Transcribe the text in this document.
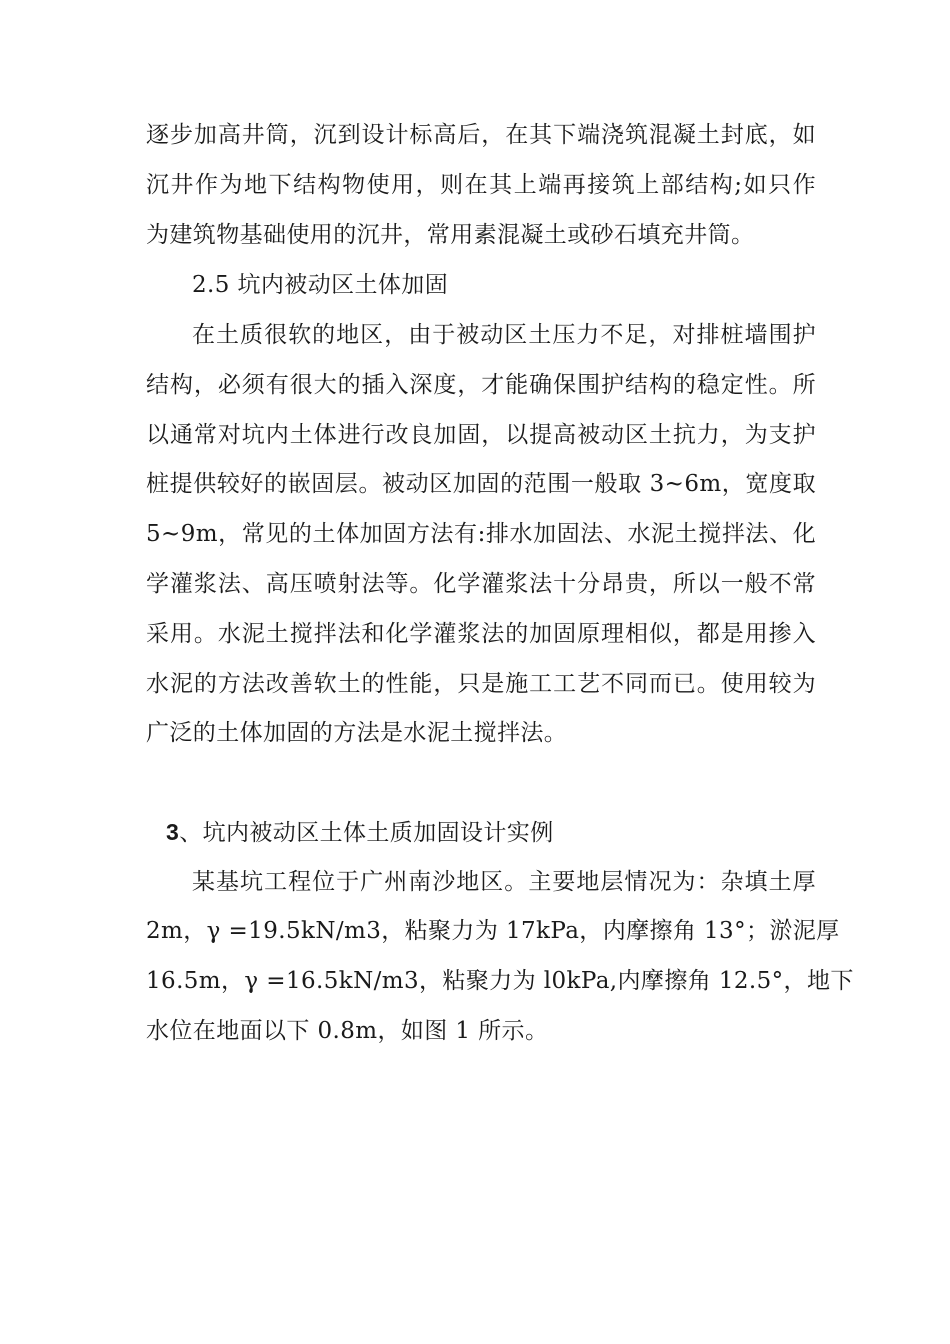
逐步加高井筒，沉到设计标高后，在其下端浇筑混凝土封底，如
沉井作为地下结构物使用，则在其上端再接筑上部结构;如只作
为建筑物基础使用的沉井，常用素混凝土或砂石填充井筒。
2.5 坑内被动区土体加固
在土质很软的地区，由于被动区土压力不足，对排桩墙围护
结构，必须有很大的插入深度，才能确保围护结构的稳定性。所
以通常对坑内土体进行改良加固，以提高被动区土抗力，为支护
桩提供较好的嵌固层。被动区加固的范围一般取 3~6m，宽度取
5~9m，常见的土体加固方法有:排水加固法、水泥土搅拌法、化
学灌浆法、高压喷射法等。化学灌浆法十分昂贵，所以一般不常
采用。水泥土搅拌法和化学灌浆法的加固原理相似，都是用掺入
水泥的方法改善软土的性能，只是施工工艺不同而已。使用较为
广泛的土体加固的方法是水泥土搅拌法。
3、坑内被动区土体土质加固设计实例
某基坑工程位于广州南沙地区。主要地层情况为：杂填土厚
2m，γ =19.5kN/m3，粘聚力为 17kPa，内摩擦角 13°；淤泥厚
16.5m，γ =16.5kN/m3，粘聚力为 l0kPa,内摩擦角 12.5°，地下
水位在地面以下 0.8m，如图 1 所示。
